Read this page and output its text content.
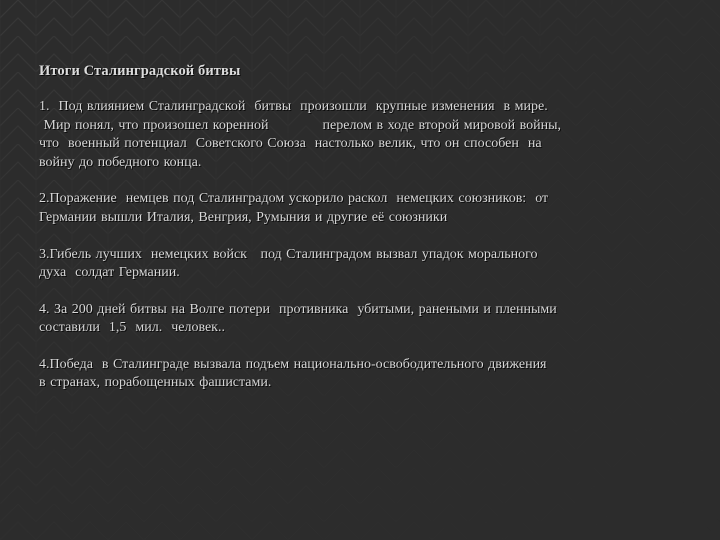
Итоги Сталинградской битвы
1.  Под влиянием Сталинградской  битвы  произошли  крупные изменения  в мире.
Мир понял, что произошел коренной            перелом в ходе второй мировой войны,
что  военный потенциал  Советского Союза  настолько велик, что он способен  на
войну до победного конца.
2.Поражение  немцев под Сталинградом ускорило раскол  немецких союзников:  от
Германии вышли Италия, Венгрия, Румыния и другие её союзники
3.Гибель лучших  немецких войск   под Сталинградом вызвал упадок морального
духа  солдат Германии.
4. За 200 дней битвы на Волге потери  противника  убитыми, ранеными и пленными
составили  1,5  мил.  человек..
4.Победа  в Сталинграде вызвала подъем национально-освободительного движения
в странах, порабощенных фашистами.
